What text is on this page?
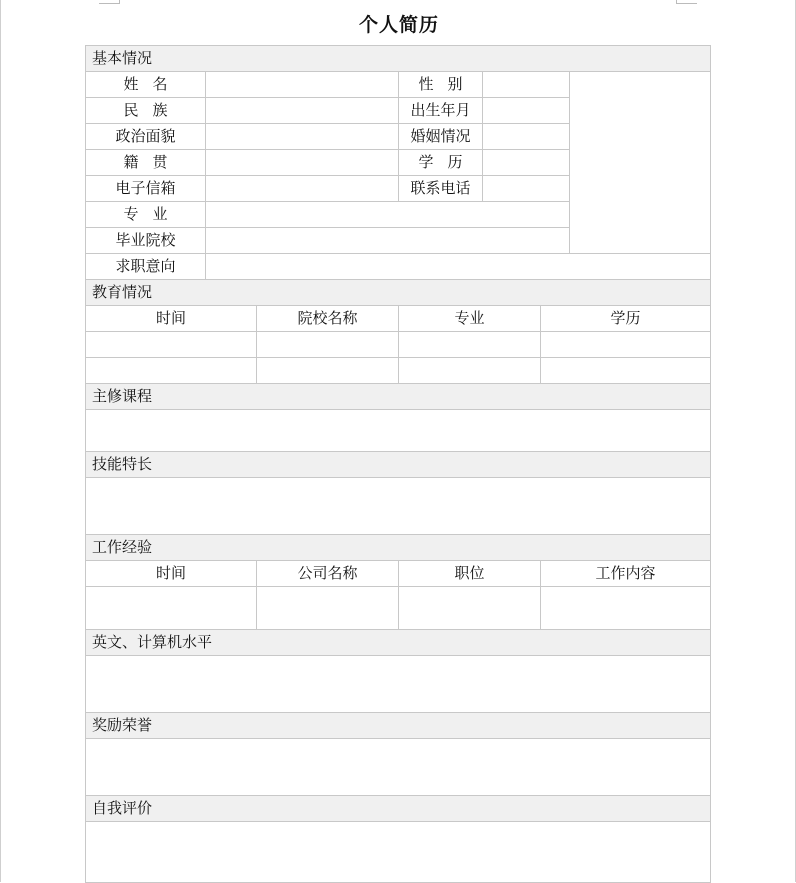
个人简历
基本情况						
姓名			性别			
民族			出生年月			
政治面貌			婚姻情况			
籍贯			学历			
电子信箱			联系电话			
专业						
毕业院校						
求职意向						
教育情况						
时间		院校名称	专业		学历	

主修课程						

技能特长						

工作经验						
时间		公司名称	职位		工作内容	

英文、计算机水平						

奖励荣誉						

自我评价						
